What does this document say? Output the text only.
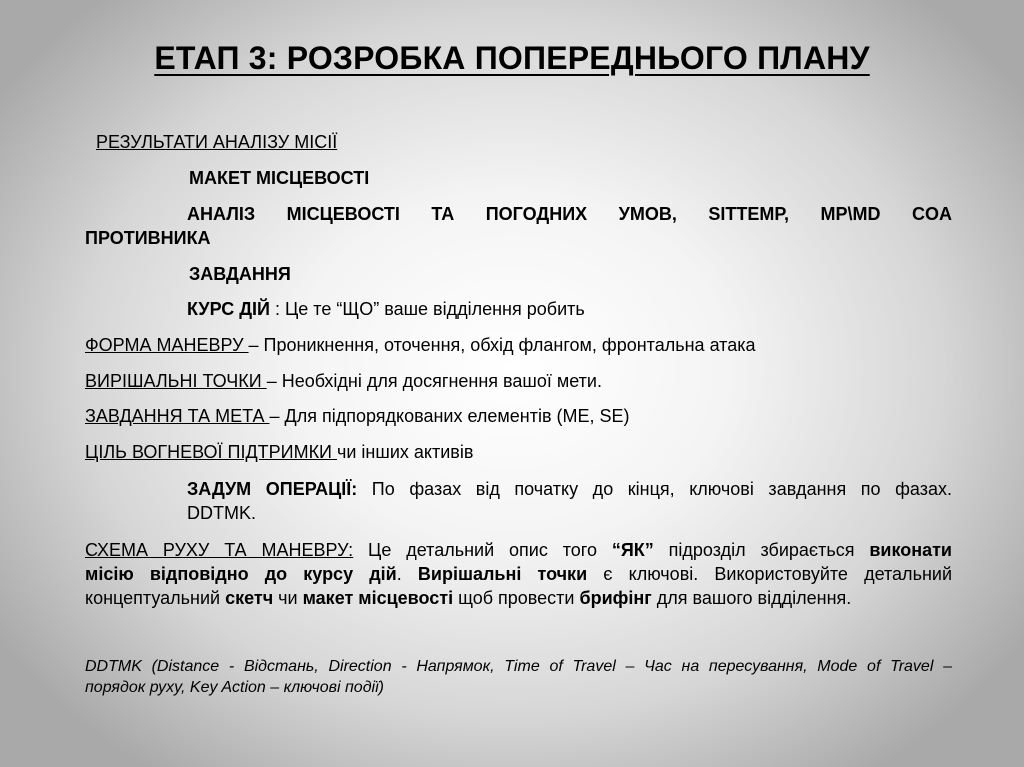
ЕТАП 3: РОЗРОБКА ПОПЕРЕДНЬОГО ПЛАНУ
РЕЗУЛЬТАТИ АНАЛІЗУ МІСІЇ
МАКЕТ МІСЦЕВОСТІ
АНАЛІЗ МІСЦЕВОСТІ ТА ПОГОДНИХ УМОВ, SITTEMP, MP\MD COA
ПРОТИВНИКА
ЗАВДАННЯ
КУРС ДІЙ : Це те “ЩО” ваше відділення робить
ФОРМА МАНЕВРУ – Проникнення, оточення, обхід флангом, фронтальна атака
ВИРІШАЛЬНІ ТОЧКИ – Необхідні для досягнення вашої мети.
ЗАВДАННЯ ТА МЕТА – Для підпорядкованих елементів (ME, SE)
ЦІЛЬ ВОГНЕВОЇ ПІДТРИМКИ чи інших активів
ЗАДУМ ОПЕРАЦІЇ: По фазах від початку до кінця, ключові завдання по фазах.
DDTMK.
СХЕМА РУХУ ТА МАНЕВРУ: Це детальний опис того “ЯК” підрозділ збирається виконати
місію відповідно до курсу дій. Вирішальні точки є ключові. Використовуйте детальний
концептуальний скетч чи макет місцевості щоб провести брифінг для вашого відділення.
DDTMK (Distance - Відстань, Direction - Напрямок, Time of Travel – Час на пересування, Mode of Travel –
порядок руху, Key Action – ключові події)
